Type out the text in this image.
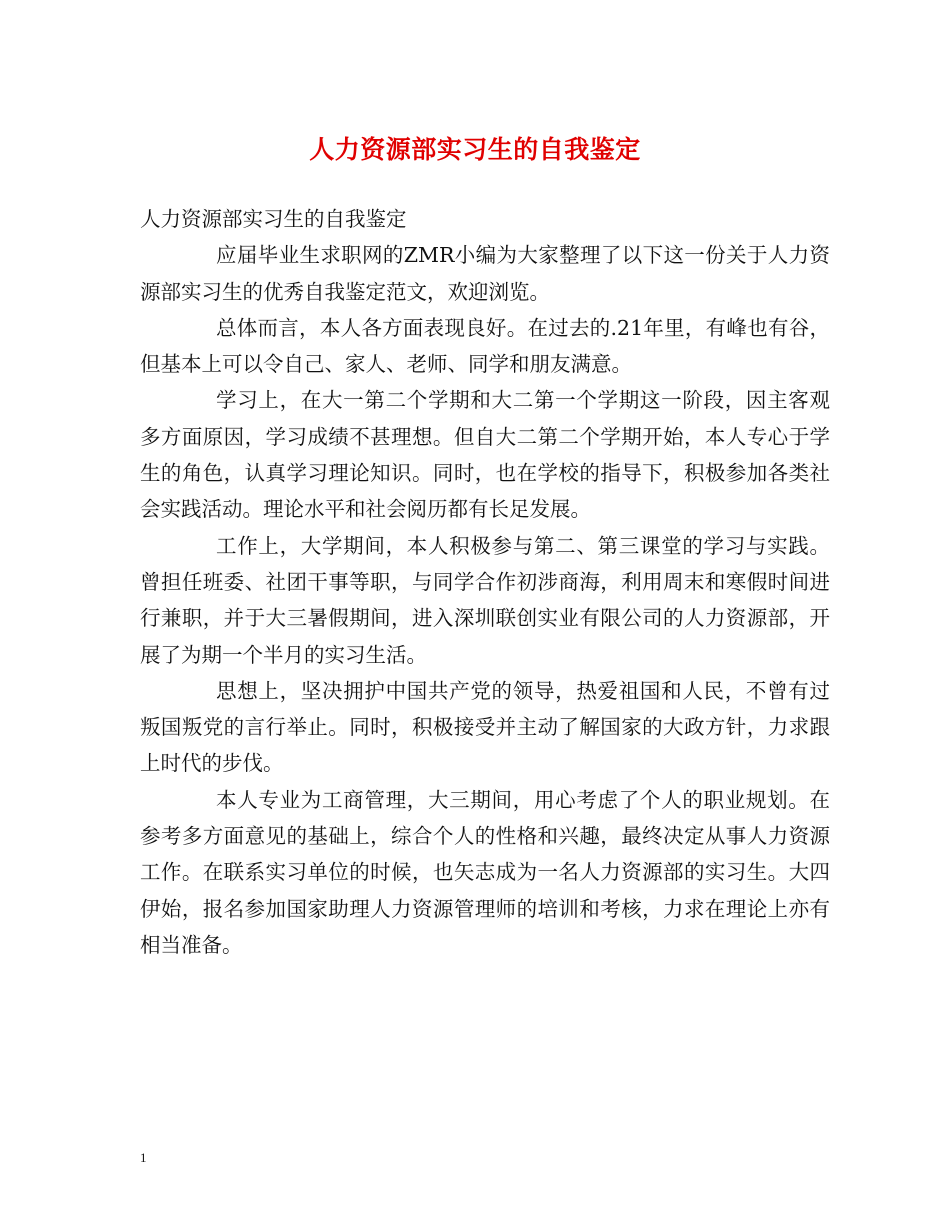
人力资源部实习生的自我鉴定

人力资源部实习生的自我鉴定

应届毕业生求职网的ZMR小编为大家整理了以下这一份关于人力资源部实习生的优秀自我鉴定范文，欢迎浏览。

总体而言，本人各方面表现良好。在过去的.21年里，有峰也有谷，但基本上可以令自己、家人、老师、同学和朋友满意。

学习上，在大一第二个学期和大二第一个学期这一阶段，因主客观多方面原因，学习成绩不甚理想。但自大二第二个学期开始，本人专心于学生的角色，认真学习理论知识。同时，也在学校的指导下，积极参加各类社会实践活动。理论水平和社会阅历都有长足发展。

工作上，大学期间，本人积极参与第二、第三课堂的学习与实践。曾担任班委、社团干事等职，与同学合作初涉商海，利用周末和寒假时间进行兼职，并于大三暑假期间，进入深圳联创实业有限公司的人力资源部，开展了为期一个半月的实习生活。

思想上，坚决拥护中国共产党的领导，热爱祖国和人民，不曾有过叛国叛党的言行举止。同时，积极接受并主动了解国家的大政方针，力求跟上时代的步伐。

本人专业为工商管理，大三期间，用心考虑了个人的职业规划。在参考多方面意见的基础上，综合个人的性格和兴趣，最终决定从事人力资源工作。在联系实习单位的时候，也矢志成为一名人力资源部的实习生。大四伊始，报名参加国家助理人力资源管理师的培训和考核，力求在理论上亦有相当准备。

1
